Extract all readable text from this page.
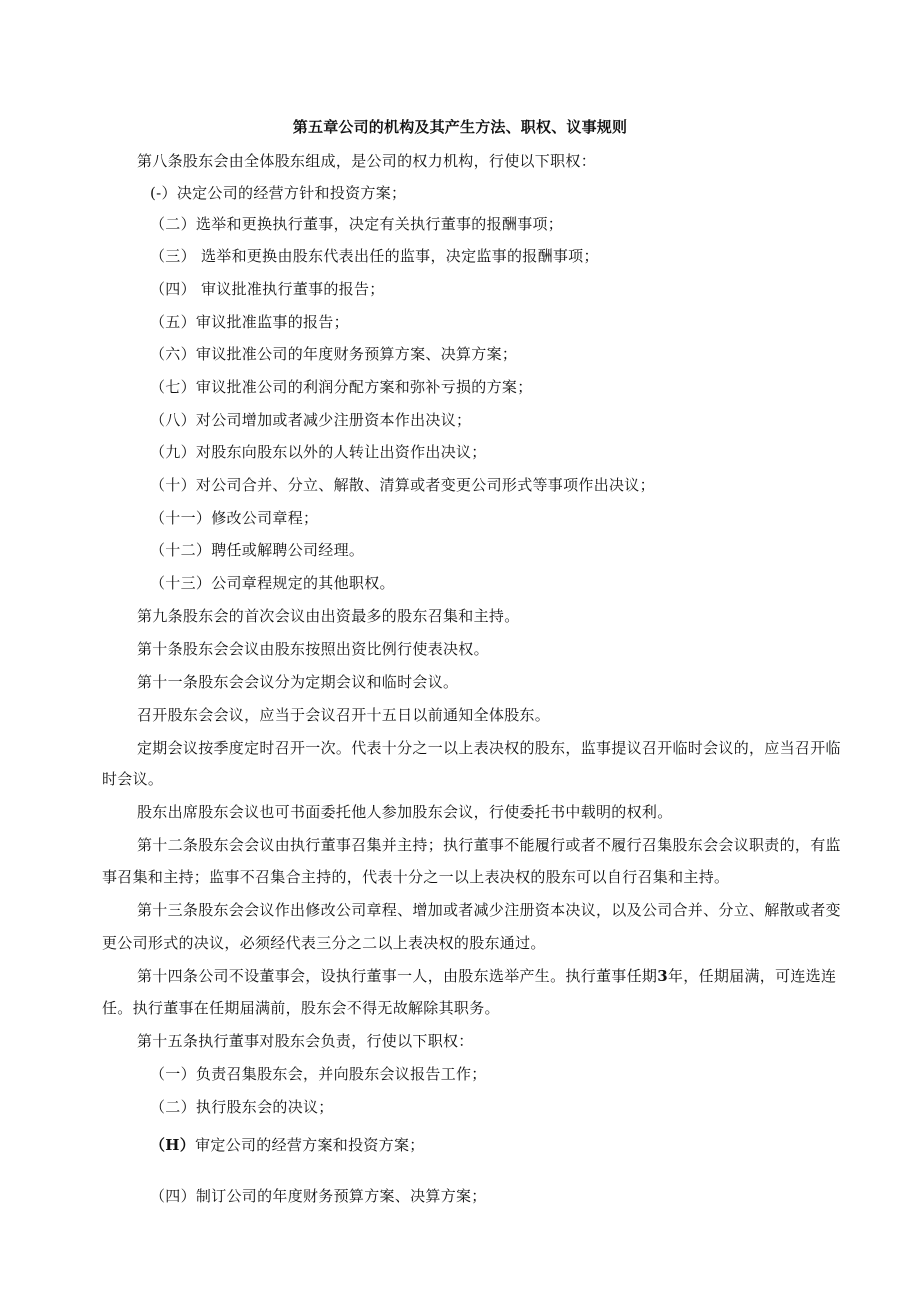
第五章公司的机构及其产生方法、职权、议事规则
第八条股东会由全体股东组成，是公司的权力机构，行使以下职权：
(-）决定公司的经营方针和投资方案；
（二）选举和更换执行董事，决定有关执行董事的报酬事项；
（三） 选举和更换由股东代表出任的监事，决定监事的报酬事项；
（四） 审议批准执行董事的报告；
（五）审议批准监事的报告；
（六）审议批准公司的年度财务预算方案、决算方案；
（七）审议批准公司的利润分配方案和弥补亏损的方案；
（八）对公司增加或者减少注册资本作出决议；
（九）对股东向股东以外的人转让出资作出决议；
（十）对公司合并、分立、解散、清算或者变更公司形式等事项作出决议；
（十一）修改公司章程；
（十二）聘任或解聘公司经理。
（十三）公司章程规定的其他职权。
第九条股东会的首次会议由出资最多的股东召集和主持。
第十条股东会会议由股东按照出资比例行使表决权。
第十一条股东会会议分为定期会议和临时会议。
召开股东会会议，应当于会议召开十五日以前通知全体股东。
定期会议按季度定时召开一次。代表十分之一以上表决权的股东，监事提议召开临时会议的，应当召开临
时会议。
股东出席股东会议也可书面委托他人参加股东会议，行使委托书中载明的权利。
第十二条股东会会议由执行董事召集并主持；执行董事不能履行或者不履行召集股东会会议职责的，有监
事召集和主持；监事不召集合主持的，代表十分之一以上表决权的股东可以自行召集和主持。
第十三条股东会会议作出修改公司章程、增加或者减少注册资本决议，以及公司合并、分立、解散或者变
更公司形式的决议，必须经代表三分之二以上表决权的股东通过。
第十四条公司不设董事会，设执行董事一人，由股东选举产生。执行董事任期3年，任期届满，可连选连
任。执行董事在任期届满前，股东会不得无故解除其职务。
第十五条执行董事对股东会负责，行使以下职权：
（一）负责召集股东会，并向股东会议报告工作；
（二）执行股东会的决议；
（H）审定公司的经营方案和投资方案；
（四）制订公司的年度财务预算方案、决算方案；
